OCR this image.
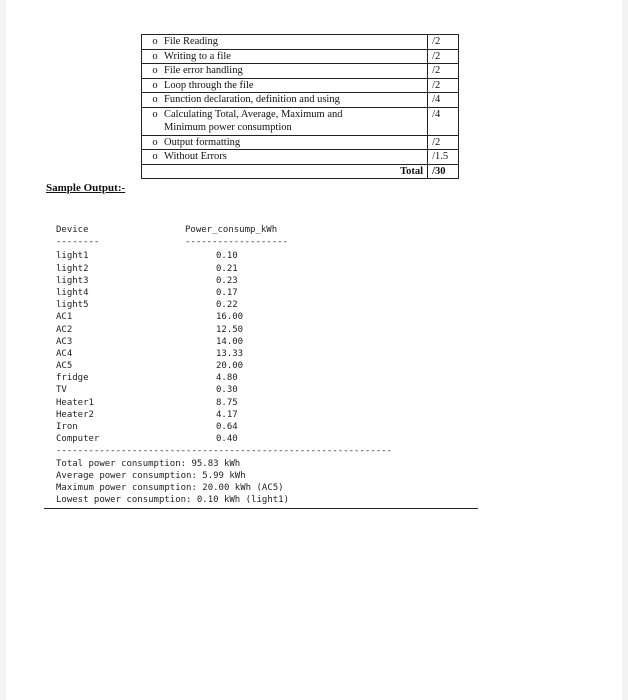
o File Reading	/2
o Writing to a file	/2
o File error handling	/2
o Loop through the file	/2
o Function declaration, definition and using	/4
o Calculating Total, Average, Maximum and
Minimum power consumption	/4
o Output formatting	/2
o Without Errors	/1.5
Total	/30
Sample Output:-
Device	Power_consump_kWh
--------	-------------------
light1	0.10
light2	0.21
light3	0.23
light4	0.17
light5	0.22
AC1	16.00
AC2	12.50
AC3	14.00
AC4	13.33
AC5	20.00
fridge	4.80
TV	0.30
Heater1	8.75
Heater2	4.17
Iron	0.64
Computer	0.40
--------------------------------------------------------------
Total power consumption: 95.83 kWh
Average power consumption: 5.99 kWh
Maximum power consumption: 20.00 kWh (AC5)
Lowest power consumption: 0.10 kWh (light1)
